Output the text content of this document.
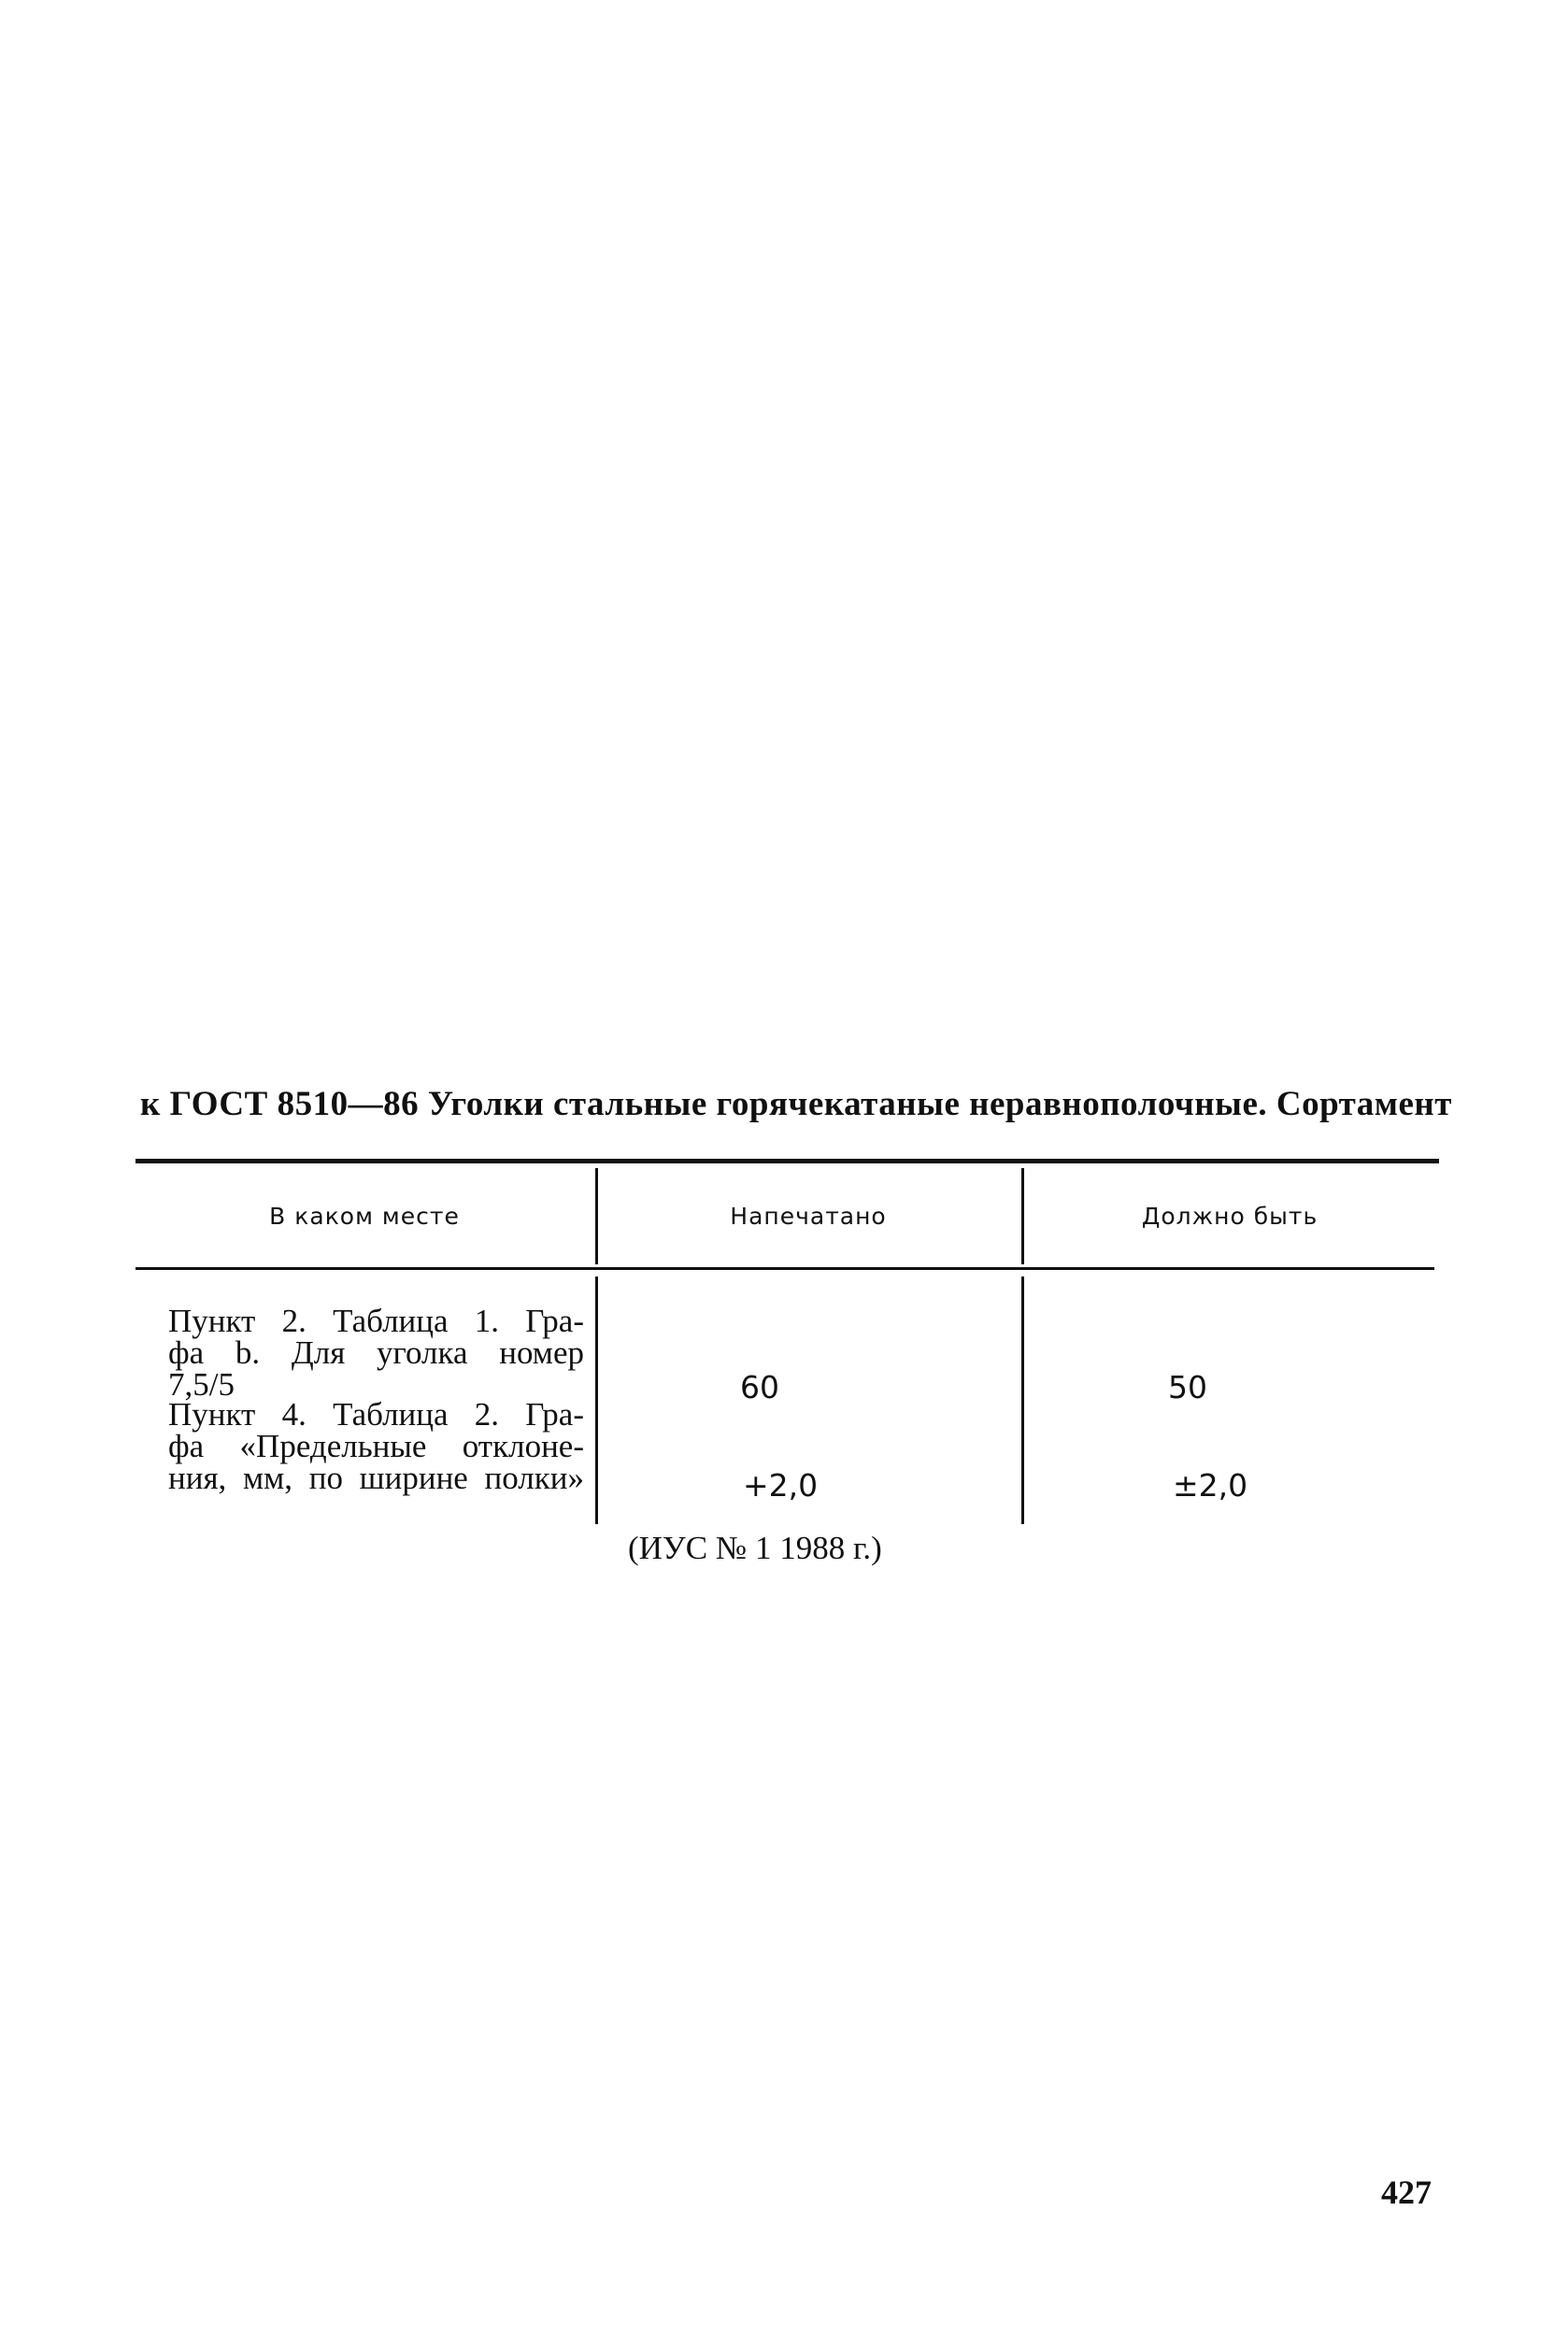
к ГОСТ 8510—86 Уголки стальные горячекатаные неравнополочные. Сортамент
В каком месте	Напечатано	Должно быть
Пункт 2. Таблица 1. Гра-
фа b. Для уголка номер
7,5/5	60	50
Пункт 4. Таблица 2. Гра-
фа «Предельные отклоне-
ния, мм, по ширине полки»	+2,0	±2,0
(ИУС № 1 1988 г.)
427
